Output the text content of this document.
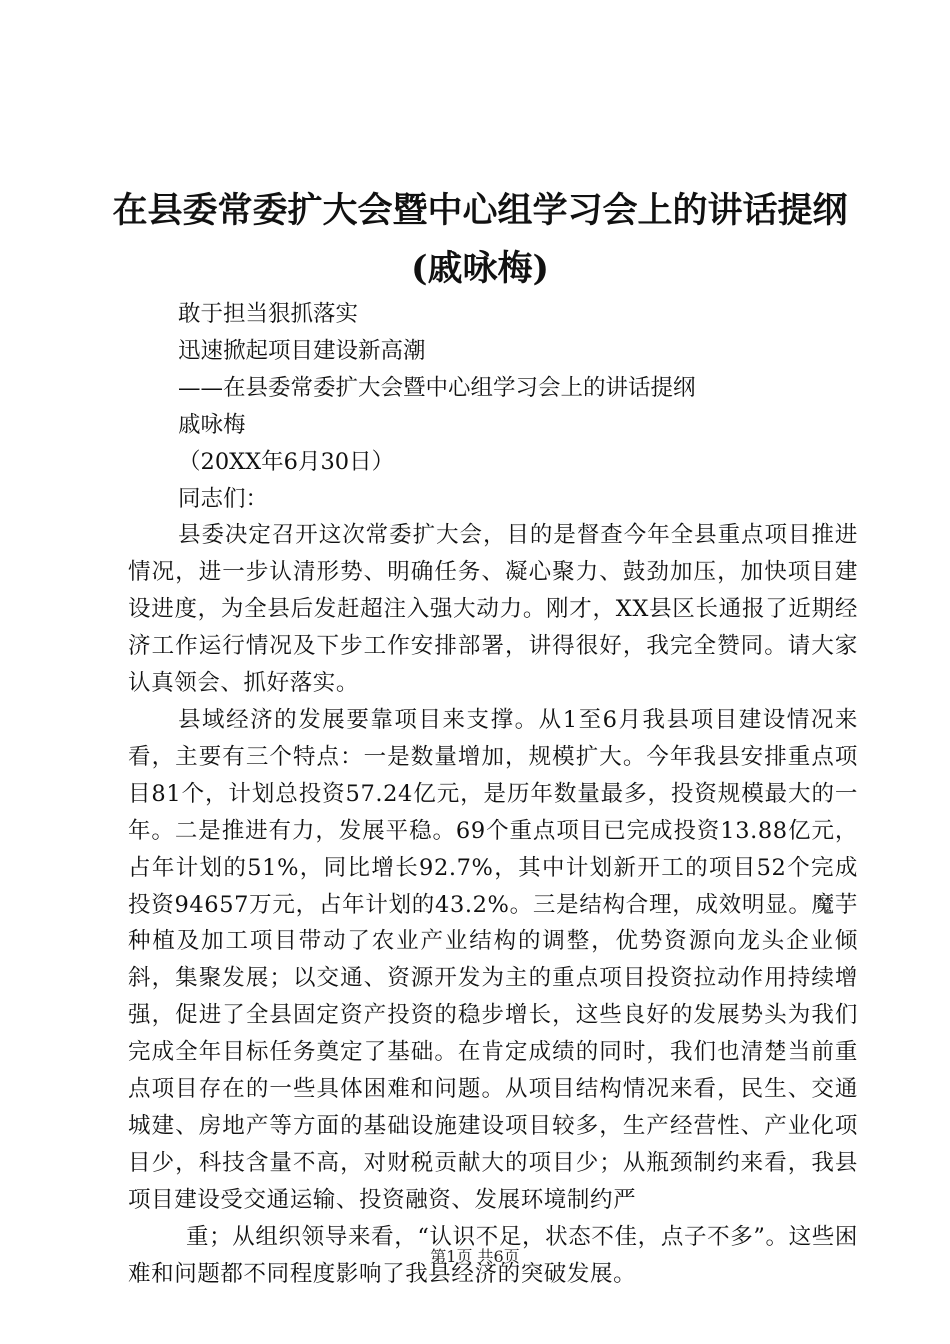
在县委常委扩大会暨中心组学习会上的讲话提纲(戚咏梅)

敢于担当狠抓落实

迅速掀起项目建设新高潮

——在县委常委扩大会暨中心组学习会上的讲话提纲

戚咏梅

（20XX年6月30日）

同志们：

县委决定召开这次常委扩大会，目的是督查今年全县重点项目推进情况，进一步认清形势、明确任务、凝心聚力、鼓劲加压，加快项目建设进度，为全县后发赶超注入强大动力。刚才，XX县区长通报了近期经济工作运行情况及下步工作安排部署，讲得很好，我完全赞同。请大家认真领会、抓好落实。

县域经济的发展要靠项目来支撑。从1至6月我县项目建设情况来看，主要有三个特点：一是数量增加，规模扩大。今年我县安排重点项目81个，计划总投资57.24亿元，是历年数量最多，投资规模最大的一年。二是推进有力，发展平稳。69个重点项目已完成投资13.88亿元，占年计划的51%，同比增长92.7%，其中计划新开工的项目52个完成投资94657万元，占年计划的43.2%。三是结构合理，成效明显。魔芋种植及加工项目带动了农业产业结构的调整，优势资源向龙头企业倾斜，集聚发展；以交通、资源开发为主的重点项目投资拉动作用持续增强，促进了全县固定资产投资的稳步增长，这些良好的发展势头为我们完成全年目标任务奠定了基础。在肯定成绩的同时，我们也清楚当前重点项目存在的一些具体困难和问题。从项目结构情况来看，民生、交通城建、房地产等方面的基础设施建设项目较多，生产经营性、产业化项目少，科技含量不高，对财税贡献大的项目少；从瓶颈制约来看，我县项目建设受交通运输、投资融资、发展环境制约严

重；从组织领导来看，“认识不足，状态不佳，点子不多”。这些困难和问题都不同程度影响了我县经济的突破发展。

第1页 共6页
